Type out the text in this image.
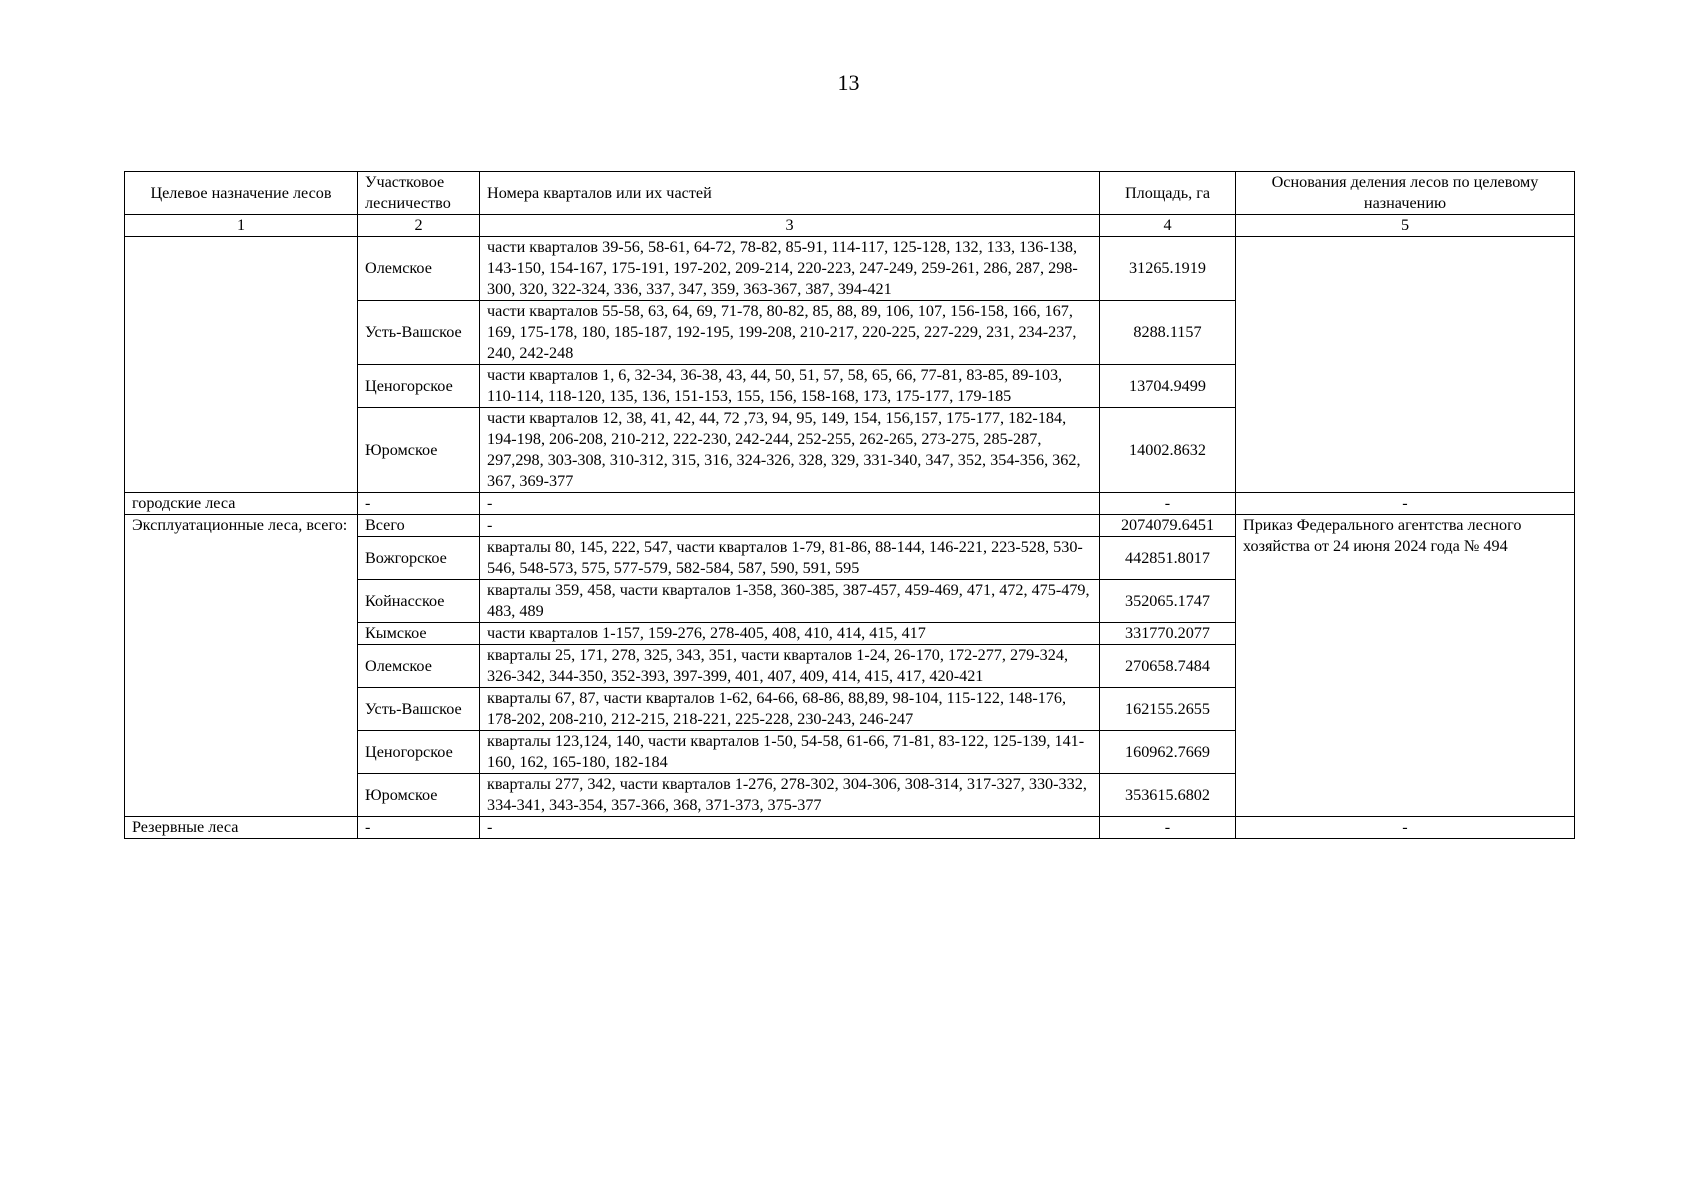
13
Целевое назначение лесов	Участковое лесничество	Номера кварталов или их частей	Площадь, га	Основания деления лесов по целевому назначению
1	2	3	4	5
	Олемское	части кварталов 39-56, 58-61, 64-72, 78-82, 85-91, 114-117, 125-128, 132, 133, 136-138, 143-150, 154-167, 175-191, 197-202, 209-214, 220-223, 247-249, 259-261, 286, 287, 298-300, 320, 322-324, 336, 337, 347, 359, 363-367, 387, 394-421	31265.1919	
	Усть-Вашское	части кварталов 55-58, 63, 64, 69, 71-78, 80-82, 85, 88, 89, 106, 107, 156-158, 166, 167, 169, 175-178, 180, 185-187, 192-195, 199-208, 210-217, 220-225, 227-229, 231, 234-237, 240, 242-248	8288.1157	
	Ценогорское	части кварталов 1, 6, 32-34, 36-38, 43, 44, 50, 51, 57, 58, 65, 66, 77-81, 83-85, 89-103, 110-114, 118-120, 135, 136, 151-153, 155, 156, 158-168, 173, 175-177, 179-185	13704.9499	
	Юромское	части кварталов 12, 38, 41, 42, 44, 72 ,73, 94, 95, 149, 154, 156,157, 175-177, 182-184, 194-198, 206-208, 210-212, 222-230, 242-244, 252-255, 262-265, 273-275, 285-287, 297,298, 303-308, 310-312, 315, 316, 324-326, 328, 329, 331-340, 347, 352, 354-356, 362, 367, 369-377	14002.8632	
городские леса	-	-	-	-
Эксплуатационные леса, всего:	Всего	-	2074079.6451	Приказ Федерального агентства лесного хозяйства от 24 июня 2024 года № 494
	Вожгорское	кварталы 80, 145, 222, 547, части кварталов 1-79, 81-86, 88-144, 146-221, 223-528, 530-546, 548-573, 575, 577-579, 582-584, 587, 590, 591, 595	442851.8017	
	Койнасское	кварталы 359, 458, части кварталов 1-358, 360-385, 387-457, 459-469, 471, 472, 475-479, 483, 489	352065.1747	
	Кымское	части кварталов 1-157, 159-276, 278-405, 408, 410, 414, 415, 417	331770.2077	
	Олемское	кварталы 25, 171, 278, 325, 343, 351, части кварталов 1-24, 26-170, 172-277, 279-324, 326-342, 344-350, 352-393, 397-399, 401, 407, 409, 414, 415, 417, 420-421	270658.7484	
	Усть-Вашское	кварталы 67, 87, части кварталов 1-62, 64-66, 68-86, 88,89, 98-104, 115-122, 148-176, 178-202, 208-210, 212-215, 218-221, 225-228, 230-243, 246-247	162155.2655	
	Ценогорское	кварталы 123,124, 140, части кварталов 1-50, 54-58, 61-66, 71-81, 83-122, 125-139, 141-160, 162, 165-180, 182-184	160962.7669	
	Юромское	кварталы 277, 342, части кварталов 1-276, 278-302, 304-306, 308-314, 317-327, 330-332, 334-341, 343-354, 357-366, 368, 371-373, 375-377	353615.6802	
Резервные леса	-	-	-	-
